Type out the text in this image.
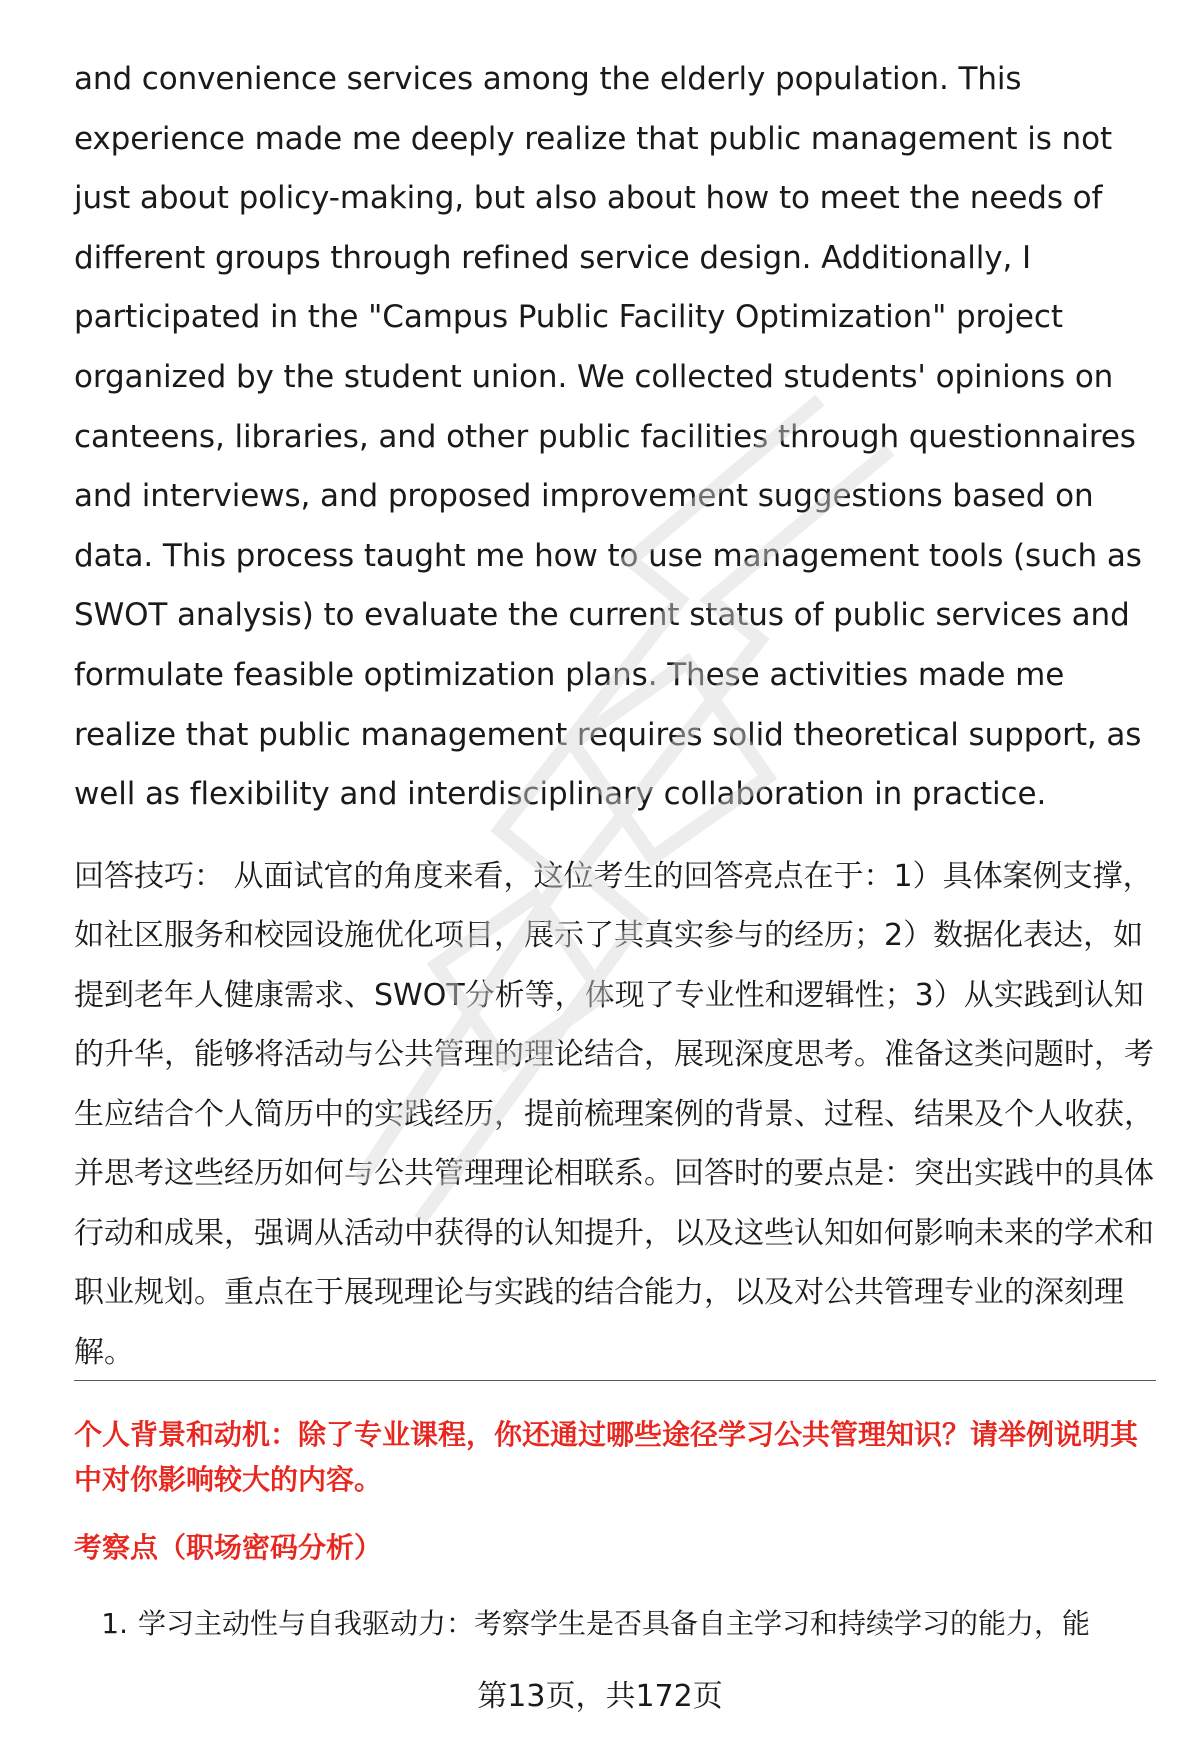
and convenience services among the elderly population. This experience made me deeply realize that public management is not just about policy-making, but also about how to meet the needs of different groups through refined service design. Additionally, I participated in the "Campus Public Facility Optimization" project organized by the student union. We collected students' opinions on canteens, libraries, and other public facilities through questionnaires and interviews, and proposed improvement suggestions based on data. This process taught me how to use management tools (such as SWOT analysis) to evaluate the current status of public services and formulate feasible optimization plans. These activities made me realize that public management requires solid theoretical support, as well as flexibility and interdisciplinary collaboration in practice.

回答技巧： 从面试官的角度来看，这位考生的回答亮点在于：1）具体案例支撑，如社区服务和校园设施优化项目，展示了其真实参与的经历；2）数据化表达，如提到老年人健康需求、SWOT分析等，体现了专业性和逻辑性；3）从实践到认知的升华，能够将活动与公共管理的理论结合，展现深度思考。准备这类问题时，考生应结合个人简历中的实践经历，提前梳理案例的背景、过程、结果及个人收获，并思考这些经历如何与公共管理理论相联系。回答时的要点是：突出实践中的具体行动和成果，强调从活动中获得的认知提升，以及这些认知如何影响未来的学术和职业规划。重点在于展现理论与实践的结合能力，以及对公共管理专业的深刻理解。

个人背景和动机：除了专业课程，你还通过哪些途径学习公共管理知识？请举例说明其中对你影响较大的内容。

考察点（职场密码分析）

1. 学习主动性与自我驱动力：考察学生是否具备自主学习和持续学习的能力，能
第13页，共172页
